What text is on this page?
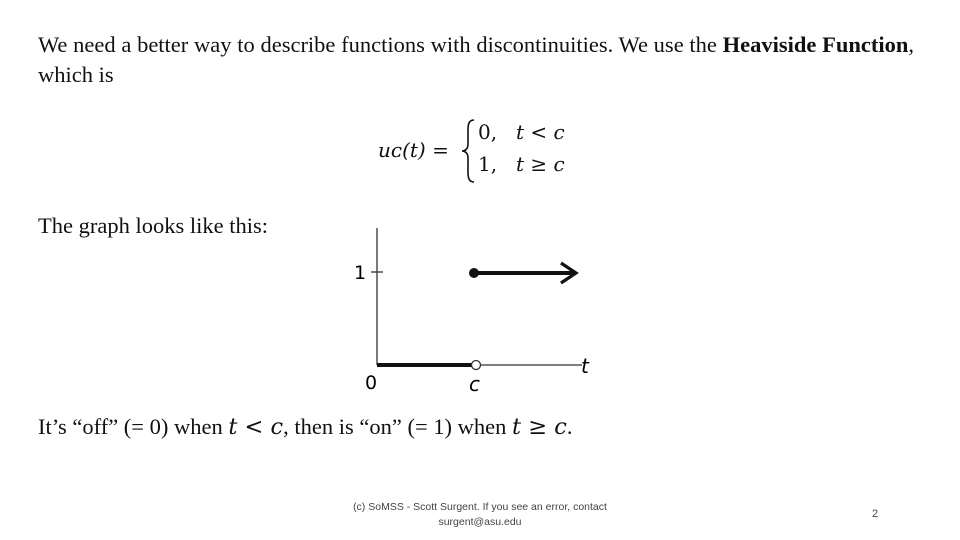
We need a better way to describe functions with discontinuities. We use the Heaviside Function, which is
uᴄ(t) =
0, t < c
1, t ≥ c
The graph looks like this:
1
0	c
t
It’s “off” (= 0) when t < c, then is “on” (= 1) when t ≥ c.
(c) SoMSS - Scott Surgent. If you see an error, contact surgent@asu.edu
2
